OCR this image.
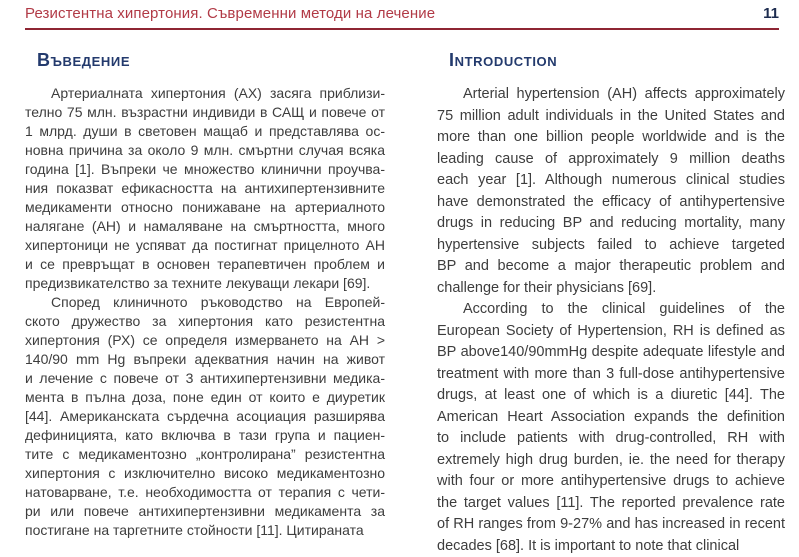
Резистентна хипертония. Съвременни методи на лечение	11
Въведение
Артериалната хипертония (АХ) засяга приблизи-
телно 75 млн. възрастни индивиди в САЩ и повече от
1 млрд. души в световен мащаб и представлява ос-
новна причина за около 9 млн. смъртни случая всяка
година [1]. Въпреки че множество клинични проучва-
ния показват ефикасността на антихипертензивните
медикаменти относно понижаване на артериалното
налягане (АН) и намаляване на смъртността, много
хипертоници не успяват да постигнат прицелното АН
и се превръщат в основен терапевтичен проблем и
предизвикателство за техните лекуващи лекари [69].
Според клиничното ръководство на Европей-
ското дружество за хипертония като резистентна
хипертония (РХ) се определя измерването на АН >
140/90 mm Hg въпреки адекватния начин на живот
и лечение с повече от 3 антихипертензивни медика-
мента в пълна доза, поне един от които е диуретик
[44]. Американската сърдечна асоциация разширява
дефиницията, като включва в тази група и пациен-
тите с медикаментозно „контролирана” резистентна
хипертония с изключително високо медикаментозно
натоварване, т.е. необходимостта от терапия с чети-
ри или повече антихипертензивни медикамента за
постигане на таргетните стойности [11]. Цитираната
Introduction
Arterial hypertension (AH) affects approximately
75 million adult individuals in the United States and
more than one billion people worldwide and is the
leading cause of approximately 9 million deaths
each year [1]. Although numerous clinical studies
have demonstrated the efficacy of antihypertensive
drugs in reducing BP and reducing mortality, many
hypertensive subjects failed to achieve targeted
BP and become a major therapeutic problem and
challenge for their physicians [69].
According to the clinical guidelines of the
European Society of Hypertension, RH is defined as
BP above140/90mmHg despite adequate lifestyle and
treatment with more than 3 full-dose antihypertensive
drugs, at least one of which is a diuretic [44]. The
American Heart Association expands the definition
to include patients with drug-controlled, RH with
extremely high drug burden, ie. the need for therapy
with four or more antihypertensive drugs to achieve
the target values [11]. The reported prevalence rate
of RH ranges from 9-27% and has increased in recent
decades [68]. It is important to note that clinical
